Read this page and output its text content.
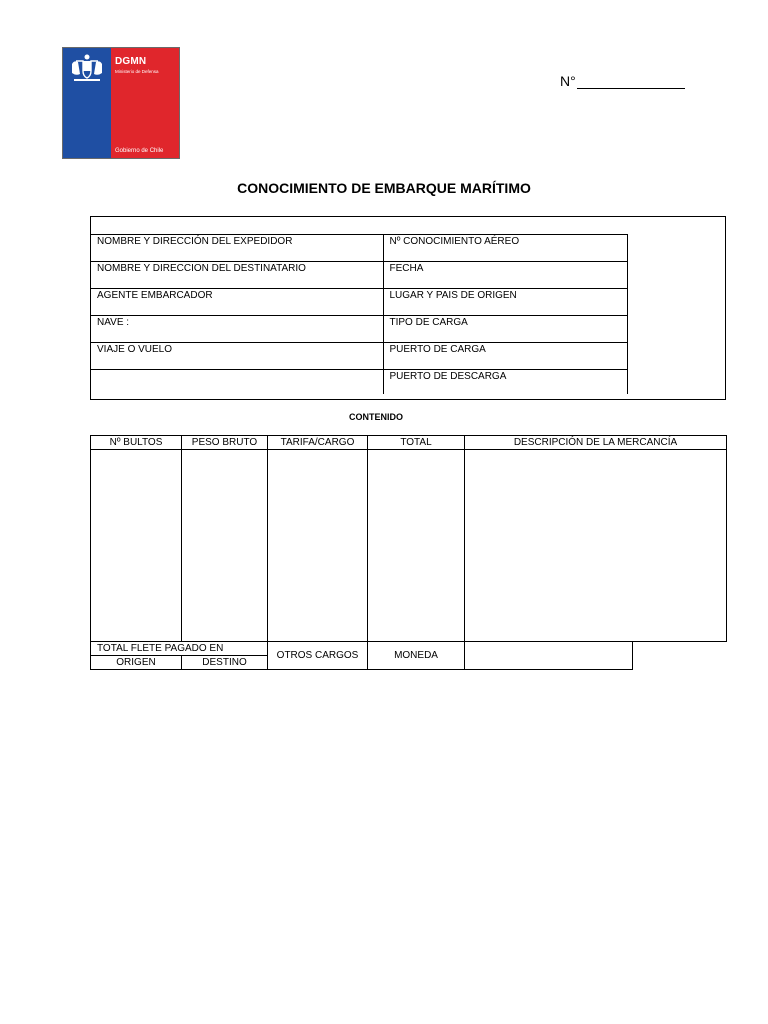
DGMN
Ministerio de Defensa
Gobierno de Chile
N°
CONOCIMIENTO DE EMBARQUE MARÍTIMO
NOMBRE Y DIRECCIÓN DEL EXPEDIDOR	Nº CONOCIMIENTO AÉREO
NOMBRE Y DIRECCION DEL DESTINATARIO	FECHA
AGENTE EMBARCADOR	LUGAR Y PAIS DE ORIGEN
NAVE :	TIPO DE CARGA
VIAJE O VUELO	PUERTO DE CARGA
	PUERTO DE DESCARGA
CONTENIDO
Nº BULTOS	PESO BRUTO	TARIFA/CARGO	TOTAL	DESCRIPCIÓN DE LA MERCANCÍA

TOTAL FLETE PAGADO EN		OTROS CARGOS	MONEDA	
ORIGEN	DESTINO			
